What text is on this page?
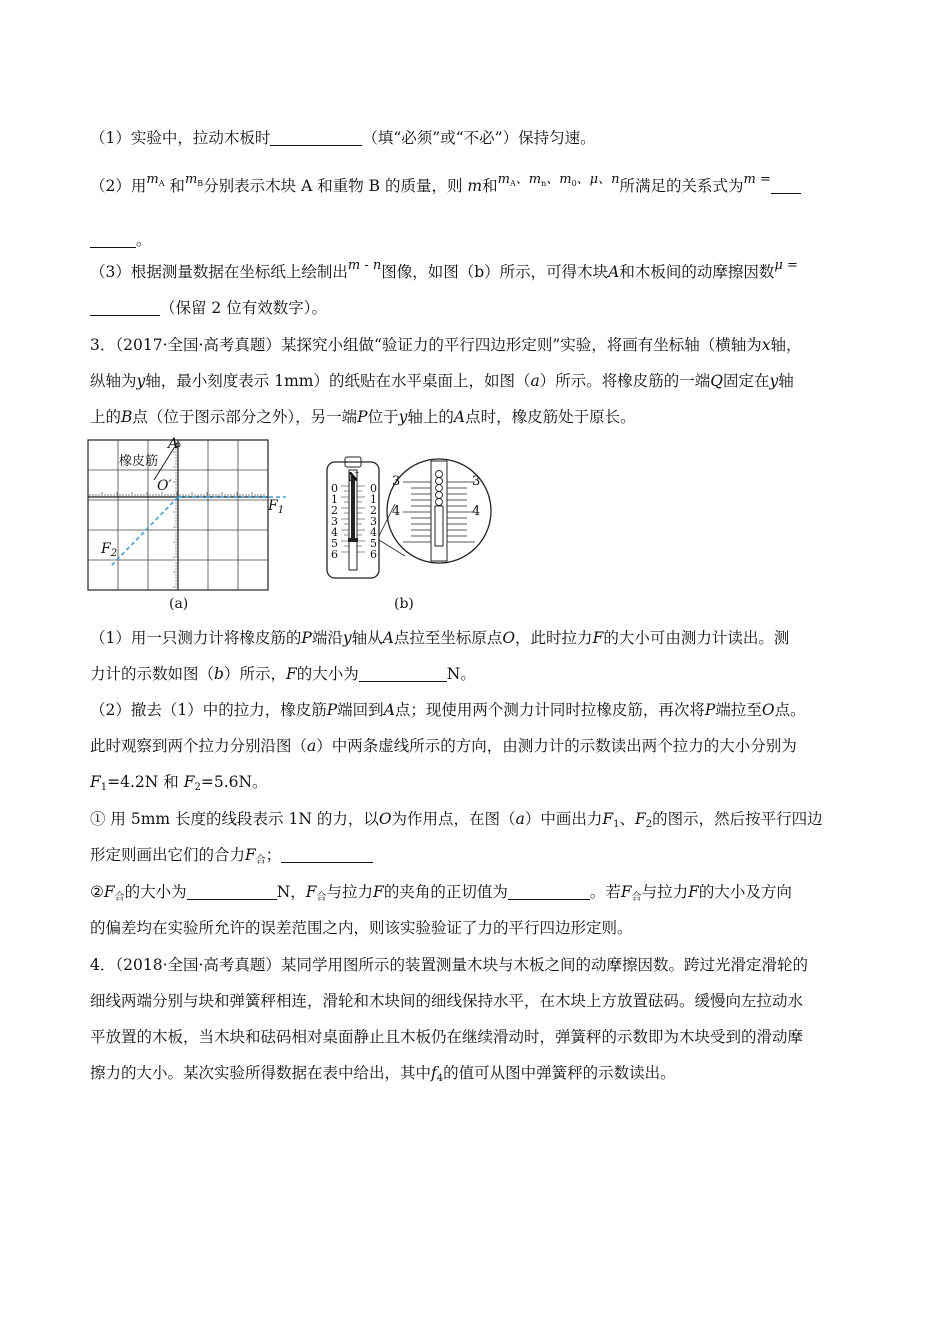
（1）实验中，拉动木板时	（填“必须”或“不必”）保持匀速。
（2）用$^{m_A}$ 和$^{m_B}$分别表示木块 A 和重物 B 的质量，则 m和$^{m_A、m_n、m_0、\mu、n}$所满足的关系式为$^{m =}$
。
（3）根据测量数据在坐标纸上绘制出$^{m - n}$图像，如图（b）所示，可得木块A和木板间的动摩擦因数$^{\mu =}$
（保留 2 位有效数字）。
3．（2017·全国·高考真题）某探究小组做“验证力的平行四边形定则”实验，将画有坐标轴（横轴为x轴，
纵轴为y轴，最小刻度表示 1mm）的纸贴在水平桌面上，如图（a）所示。将橡皮筋的一端Q固定在y轴
上的B点（位于图示部分之外），另一端P位于y轴上的A点时，橡皮筋处于原长。
A
橡皮筋
O′
$F_1$
$F_2$
(a)
N
0
1
2
3
4
5
6
0
1
2
3
4
5
6
3	3
4	4
(b)
（1）用一只测力计将橡皮筋的P端沿y轴从A点拉至坐标原点O，此时拉力F的大小可由测力计读出。测
力计的示数如图（b）所示，F的大小为	N。
（2）撤去（1）中的拉力，橡皮筋P端回到A点；现使用两个测力计同时拉橡皮筋，再次将P端拉至O点。
此时观察到两个拉力分别沿图（a）中两条虚线所示的方向，由测力计的示数读出两个拉力的大小分别为
$F_1=4.2N$ 和 $F_2=5.6N$。
① 用 5mm 长度的线段表示 1N 的力，以O为作用点，在图（a）中画出力$F_1$、$F_2$的图示，然后按平行四边
形定则画出它们的合力$F_合$；
$②F_合$的大小为	N，$F_合$与拉力F的夹角的正切值为	。若$F_合$与拉力F的大小及方向
的偏差均在实验所允许的误差范围之内，则该实验验证了力的平行四边形定则。
4．（2018·全国·高考真题）某同学用图所示的装置测量木块与木板之间的动摩擦因数。跨过光滑定滑轮的
细线两端分别与块和弹簧秤相连，滑轮和木块间的细线保持水平，在木块上方放置砝码。缓慢向左拉动水
平放置的木板，当木块和砝码相对桌面静止且木板仍在继续滑动时，弹簧秤的示数即为木块受到的滑动摩
擦力的大小。某次实验所得数据在表中给出，其中$f_4$的值可从图中弹簧秤的示数读出。
